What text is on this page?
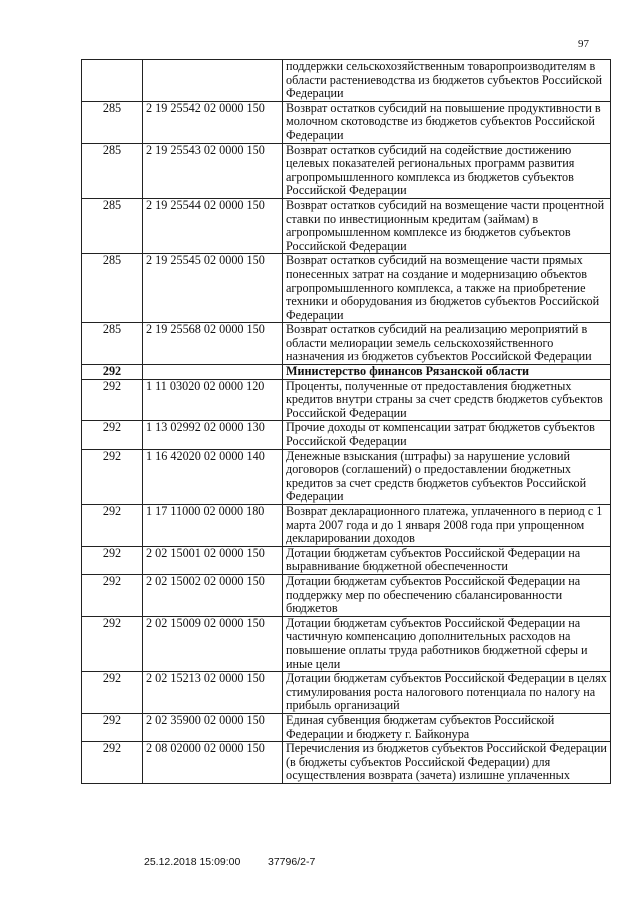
97
		поддержки сельскохозяйственным товаропроизводителям в области растениеводства из бюджетов субъектов Российской Федерации
285	2 19 25542 02 0000 150	Возврат остатков субсидий на повышение продуктивности в молочном скотоводстве из бюджетов субъектов Российской Федерации
285	2 19 25543 02 0000 150	Возврат остатков субсидий на содействие достижению целевых показателей региональных программ развития агропромышленного комплекса из бюджетов субъектов Российской Федерации
285	2 19 25544 02 0000 150	Возврат остатков субсидий на возмещение части процентной ставки по инвестиционным кредитам (займам) в агропромышленном комплексе из бюджетов субъектов Российской Федерации
285	2 19 25545 02 0000 150	Возврат остатков субсидий на возмещение части прямых понесенных затрат на создание и модернизацию объектов агропромышленного комплекса, а также на приобретение техники и оборудования из бюджетов субъектов Российской Федерации
285	2 19 25568 02 0000 150	Возврат остатков субсидий на реализацию мероприятий в области мелиорации земель сельскохозяйственного назначения из бюджетов субъектов Российской Федерации
292		Министерство финансов Рязанской области
292	1 11 03020 02 0000 120	Проценты, полученные от предоставления бюджетных кредитов внутри страны за счет средств бюджетов субъектов Российской Федерации
292	1 13 02992 02 0000 130	Прочие доходы от компенсации затрат бюджетов субъектов Российской Федерации
292	1 16 42020 02 0000 140	Денежные взыскания (штрафы) за нарушение условий договоров (соглашений) о предоставлении бюджетных кредитов за счет средств бюджетов субъектов Российской Федерации
292	1 17 11000 02 0000 180	Возврат декларационного платежа, уплаченного в период с 1 марта 2007 года и до 1 января 2008 года при упрощенном декларировании доходов
292	2 02 15001 02 0000 150	Дотации бюджетам субъектов Российской Федерации на выравнивание бюджетной обеспеченности
292	2 02 15002 02 0000 150	Дотации бюджетам субъектов Российской Федерации на поддержку мер по обеспечению сбалансированности бюджетов
292	2 02 15009 02 0000 150	Дотации бюджетам субъектов Российской Федерации на частичную компенсацию дополнительных расходов на повышение оплаты труда работников бюджетной сферы и иные цели
292	2 02 15213 02 0000 150	Дотации бюджетам субъектов Российской Федерации в целях стимулирования роста налогового потенциала по налогу на прибыль организаций
292	2 02 35900 02 0000 150	Единая субвенция бюджетам субъектов Российской Федерации и бюджету г. Байконура
292	2 08 02000 02 0000 150	Перечисления из бюджетов субъектов Российской Федерации (в бюджеты субъектов Российской Федерации) для осуществления возврата (зачета) излишне уплаченных
25.12.2018 15:09:00	37796/2-7
